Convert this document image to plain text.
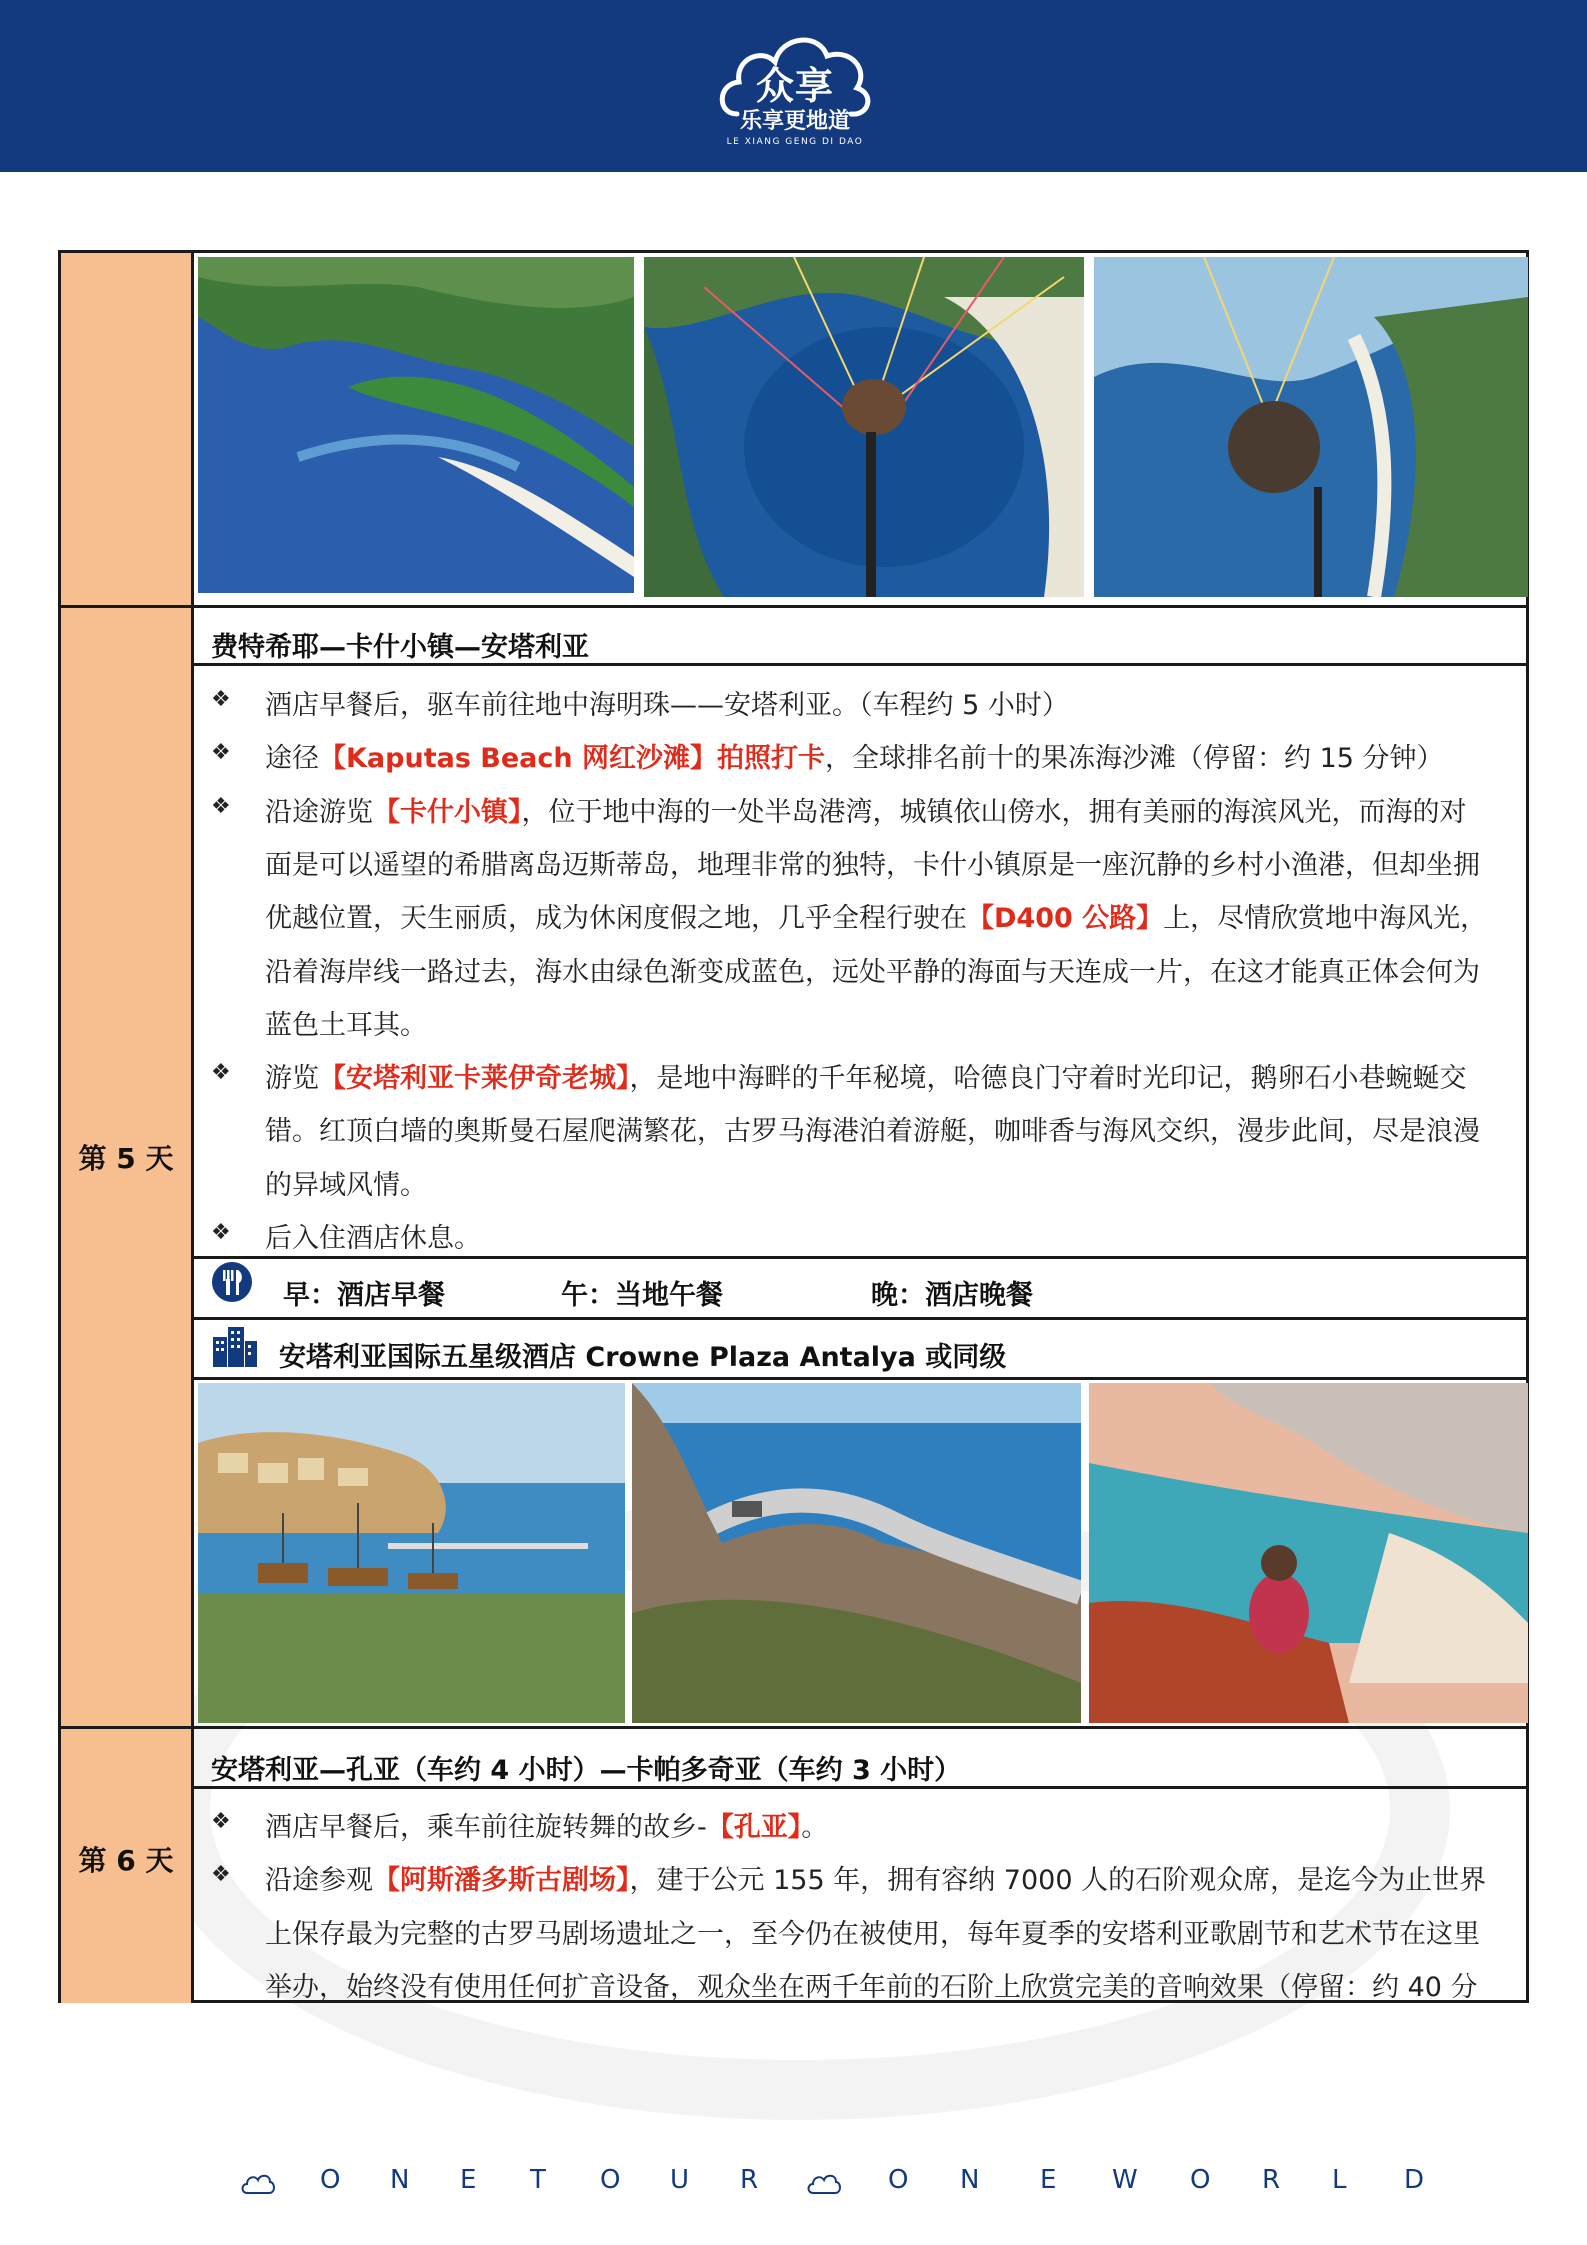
众享
乐享更地道
LE XIANG GENG DI DAO
第 5 天
第 6 天
费特希耶—卡什小镇—安塔利亚
❖ 酒店早餐后，驱车前往地中海明珠——安塔利亚。（车程约 5 小时）
❖ 途径【Kaputas Beach 网红沙滩】拍照打卡，全球排名前十的果冻海沙滩（停留：约 15 分钟）
❖ 沿途游览【卡什小镇】，位于地中海的一处半岛港湾，城镇依山傍水，拥有美丽的海滨风光，而海的对
面是可以遥望的希腊离岛迈斯蒂岛，地理非常的独特，卡什小镇原是一座沉静的乡村小渔港，但却坐拥
优越位置，天生丽质，成为休闲度假之地，几乎全程行驶在【D400 公路】上，尽情欣赏地中海风光，
沿着海岸线一路过去，海水由绿色渐变成蓝色，远处平静的海面与天连成一片，在这才能真正体会何为
蓝色土耳其。
❖ 游览【安塔利亚卡莱伊奇老城】，是地中海畔的千年秘境，哈德良门守着时光印记，鹅卵石小巷蜿蜒交
错。红顶白墙的奥斯曼石屋爬满繁花，古罗马海港泊着游艇，咖啡香与海风交织，漫步此间，尽是浪漫
的异域风情。
❖ 后入住酒店休息。
早：酒店早餐	午：当地午餐	晚：酒店晚餐
安塔利亚国际五星级酒店 Crowne Plaza Antalya 或同级
安塔利亚—孔亚（车约 4 小时）—卡帕多奇亚（车约 3 小时）
❖ 酒店早餐后，乘车前往旋转舞的故乡-【孔亚】。
❖ 沿途参观【阿斯潘多斯古剧场】，建于公元 155 年，拥有容纳 7000 人的石阶观众席，是迄今为止世界
上保存最为完整的古罗马剧场遗址之一，至今仍在被使用，每年夏季的安塔利亚歌剧节和艺术节在这里
举办，始终没有使用任何扩音设备，观众坐在两千年前的石阶上欣赏完美的音响效果（停留：约 40 分
O N E T O U R	O N E W O R L D
